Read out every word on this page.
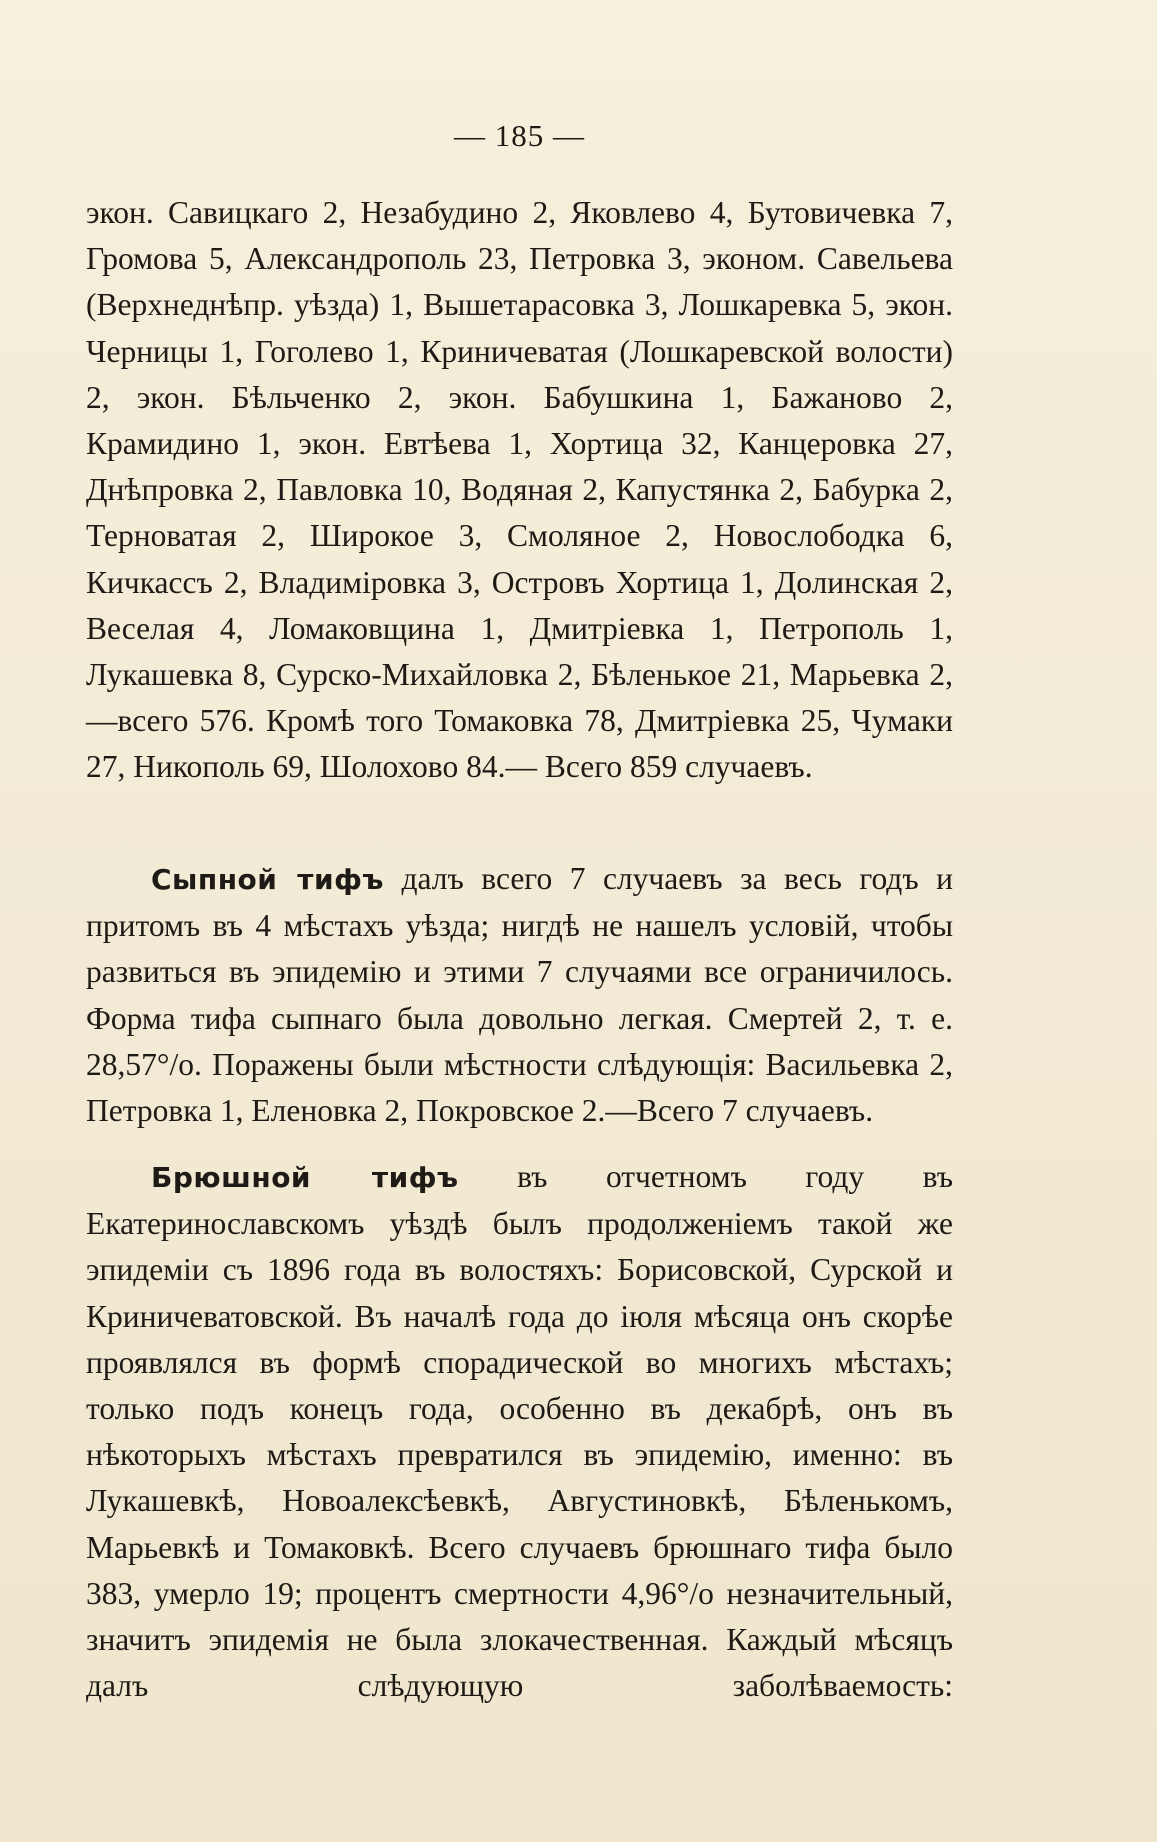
— 185 —

экон. Савицкаго 2, Незабудино 2, Яковлево 4, Бутовичевка 7, Громова 5, Александрополь 23, Петровка 3, эконом. Савельева (Верхнеднѣпр. уѣзда) 1, Вышетарасовка 3, Лошкаревка 5, экон. Черницы 1, Гоголево 1, Криничеватая (Лошкаревской волости) 2, экон. Бѣльченко 2, экон. Бабушкина 1, Бажаново 2, Крамидино 1, экон. Евтѣева 1, Хортица 32, Канцеровка 27, Днѣпровка 2, Павловка 10, Водяная 2, Капустянка 2, Бабурка 2, Терноватая 2, Широкое 3, Смоляное 2, Новослободка 6, Кичкассъ 2, Владиміровка 3, Островъ Хортица 1, Долинская 2, Веселая 4, Ломаковщина 1, Дмитріевка 1, Петрополь 1, Лукашевка 8, Сурско-Михайловка 2, Бѣленькое 21, Марьевка 2,—всего 576. Кромѣ того Томаковка 78, Дмитріевка 25, Чумаки 27, Никополь 69, Шолохово 84.— Всего 859 случаевъ.

Сыпной тифъ далъ всего 7 случаевъ за весь годъ и притомъ въ 4 мѣстахъ уѣзда; нигдѣ не нашелъ условій, чтобы развиться въ эпидемію и этими 7 случаями все ограничилось. Форма тифа сыпнаго была довольно легкая. Смертей 2, т. е. 28,57°/о. Поражены были мѣстности слѣдующія: Васильевка 2, Петровка 1, Еленовка 2, Покровское 2.—Всего 7 случаевъ.

Брюшной тифъ въ отчетномъ году въ Екатеринославскомъ уѣздѣ былъ продолженіемъ такой же эпидеміи съ 1896 года въ волостяхъ: Борисовской, Сурской и Криничеватовской. Въ началѣ года до іюля мѣсяца онъ скорѣе проявлялся въ формѣ спорадической во многихъ мѣстахъ; только подъ конецъ года, особенно въ декабрѣ, онъ въ нѣкоторыхъ мѣстахъ превратился въ эпидемію, именно: въ Лукашевкѣ, Новоалексѣевкѣ, Августиновкѣ, Бѣленькомъ, Марьевкѣ и Томаковкѣ. Всего случаевъ брюшнаго тифа было 383, умерло 19; процентъ смертности 4,96°/о незначительный, значитъ эпидемія не была злокачественная. Каждый мѣсяцъ далъ слѣдующую заболѣваемость:
